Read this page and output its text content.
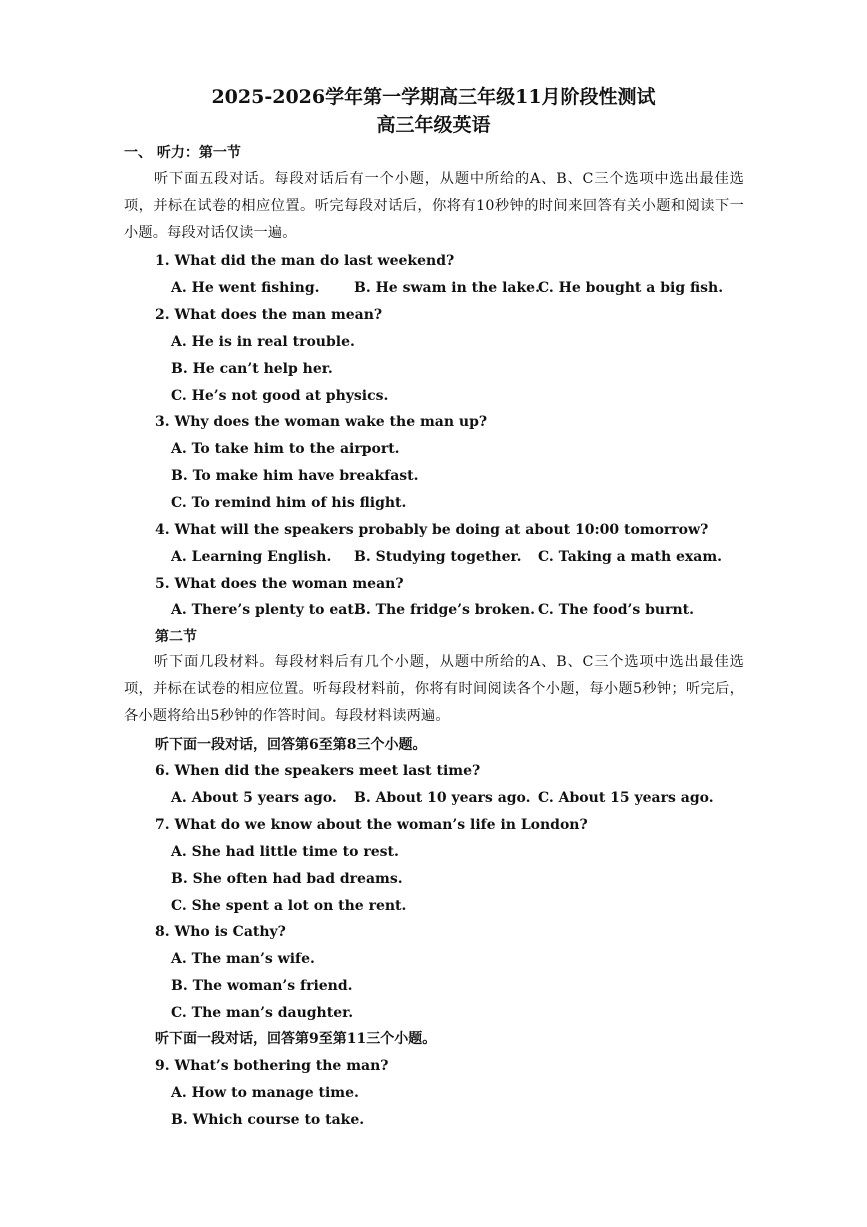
2025-2026学年第一学期高三年级11月阶段性测试
高三年级英语
一、 听力：第一节
听下面五段对话。每段对话后有一个小题，从题中所给的A、B、C三个选项中选出最佳选项，并标在试卷的相应位置。听完每段对话后，你将有10秒钟的时间来回答有关小题和阅读下一小题。每段对话仅读一遍。
1. What did the man do last weekend?
A. He went fishing. B. He swam in the lake.
C. He bought a big fish.
2. What does the man mean?
A. He is in real trouble.
B. He can’t help her.
C. He’s not good at physics.
3. Why does the woman wake the man up?
A. To take him to the airport.
B. To make him have breakfast.
C. To remind him of his flight.
4. What will the speakers probably be doing at about 10:00 tomorrow?
A. Learning English. B. Studying together. C. Taking a math exam.
5. What does the woman mean?
A. There’s plenty to eat.
B. The fridge’s broken. C. The food’s burnt.
第二节
听下面几段材料。每段材料后有几个小题，从题中所给的A、B、C三个选项中选出最佳选项，并标在试卷的相应位置。听每段材料前，你将有时间阅读各个小题，每小题5秒钟；听完后，各小题将给出5秒钟的作答时间。每段材料读两遍。
听下面一段对话，回答第6至第8三个小题。
6. When did the speakers meet last time?
A. About 5 years ago. B. About 10 years ago. C. About 15 years ago.
7. What do we know about the woman’s life in London?
A. She had little time to rest.
B. She often had bad dreams.
C. She spent a lot on the rent.
8. Who is Cathy?
A. The man’s wife.
B. The woman’s friend.
C. The man’s daughter.
听下面一段对话，回答第9至第11三个小题。
9. What’s bothering the man?
A. How to manage time.
B. Which course to take.
